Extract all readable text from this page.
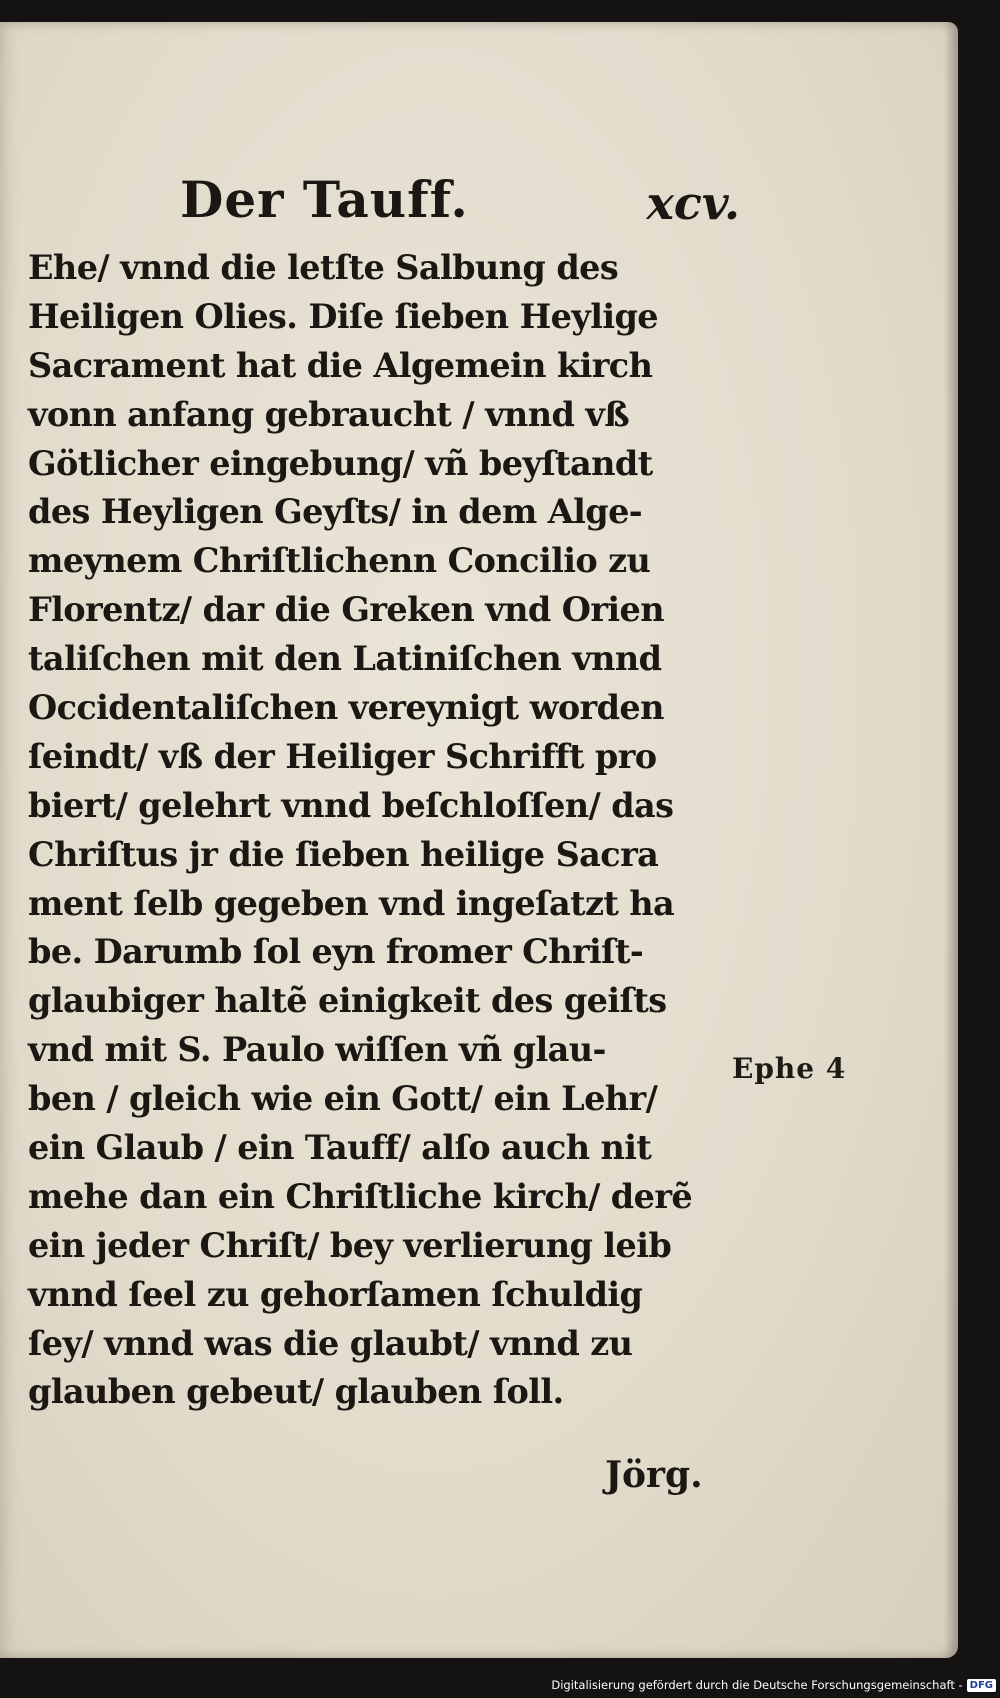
Der Tauff.	xcv.
Ehe/ vnnd die letſte Salbung des
Heiligen Olies. Diſe ſieben Heylige
Sacrament hat die Algemein kirch
vonn anfang gebraucht / vnnd vß
Götlicher eingebung/ vñ beyſtandt
des Heyligen Geyſts/ in dem Alge-
meynem Chriſtlichenn Concilio zu
Florentz/ dar die Greken vnd Orien
taliſchen mit den Latiniſchen vnnd
Occidentaliſchen vereynigt worden
ſeindt/ vß der Heiliger Schrifft pro
biert/ gelehrt vnnd beſchloſſen/ das
Chriſtus jr die ſieben heilige Sacra
ment ſelb gegeben vnd ingeſatzt ha
be. Darumb ſol eyn fromer Chriſt-
glaubiger haltẽ einigkeit des geiſts
vnd mit S. Paulo wiſſen vñ glau-
ben / gleich wie ein Gott/ ein Lehr/
ein Glaub / ein Tauff/ alſo auch nit
mehe dan ein Chriſtliche kirch/ derẽ
ein jeder Chriſt/ bey verlierung leib
vnnd ſeel zu gehorſamen ſchuldig
ſey/ vnnd was die glaubt/ vnnd zu
glauben gebeut/ glauben ſoll.
Ephe 4
Jörg.
Digitalisierung gefördert durch die Deutsche Forschungsgemeinschaft - DFG
